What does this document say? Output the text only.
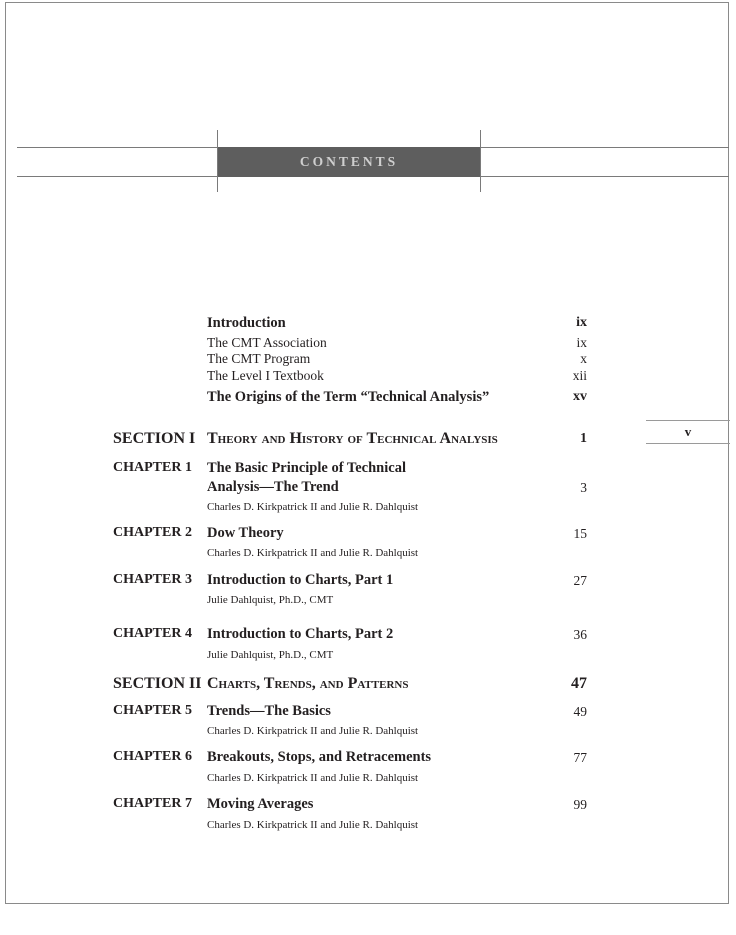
CONTENTS
v
Introduction	ix
The CMT Association	ix
The CMT Program	x
The Level I Textbook	xii
The Origins of the Term “Technical Analysis”	xv
SECTION I Theory and History of Technical Analysis	1
CHAPTER 1 The Basic Principle of Technical
Analysis—The Trend	3
Charles D. Kirkpatrick II and Julie R. Dahlquist
CHAPTER 2 Dow Theory	15
Charles D. Kirkpatrick II and Julie R. Dahlquist
CHAPTER 3 Introduction to Charts, Part 1	27
Julie Dahlquist, Ph.D., CMT
CHAPTER 4 Introduction to Charts, Part 2	36
Julie Dahlquist, Ph.D., CMT
SECTION II Charts, Trends, and Patterns	47
CHAPTER 5 Trends—The Basics	49
Charles D. Kirkpatrick II and Julie R. Dahlquist
CHAPTER 6 Breakouts, Stops, and Retracements	77
Charles D. Kirkpatrick II and Julie R. Dahlquist
CHAPTER 7 Moving Averages	99
Charles D. Kirkpatrick II and Julie R. Dahlquist
